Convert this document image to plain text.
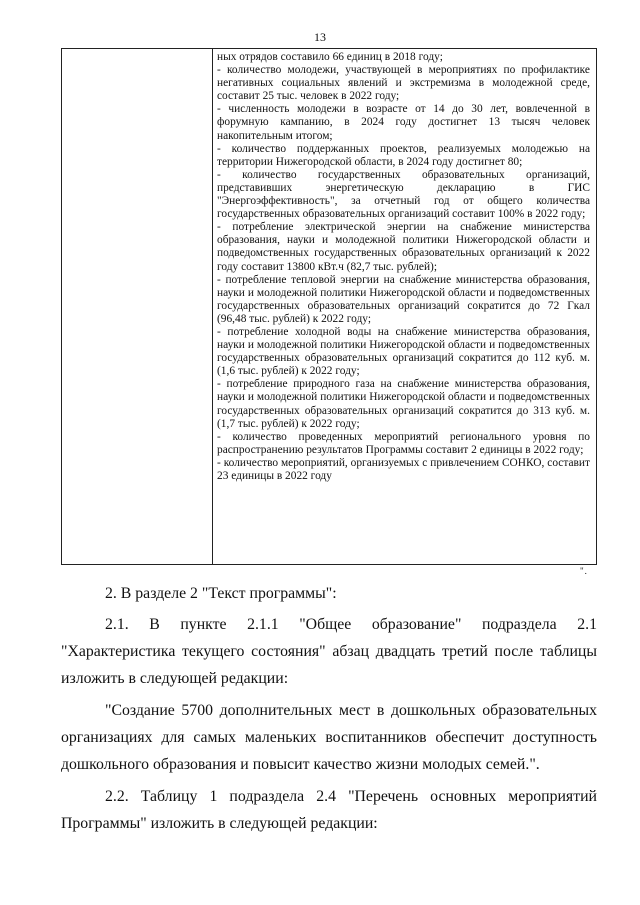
13

ных отрядов составило 66 единиц в 2018 году;
- количество молодежи, участвующей в мероприятиях по профилактике негативных социальных явлений и экстремизма в молодежной среде, составит 25 тыс. человек в 2022 году;
- численность молодежи в возрасте от 14 до 30 лет, вовлеченной в форумную кампанию, в 2024 году достигнет 13 тысяч человек накопительным итогом;
- количество поддержанных проектов, реализуемых молодежью на территории Нижегородской области, в 2024 году достигнет 80;
- количество государственных образовательных организаций, представивших энергетическую декларацию в ГИС "Энергоэффективность", за отчетный год от общего количества государственных образовательных организаций составит 100% в 2022 году;
- потребление электрической энергии на снабжение министерства образования, науки и молодежной политики Нижегородской области и подведомственных государственных образовательных организаций к 2022 году составит 13800 кВт.ч (82,7 тыс. рублей);
- потребление тепловой энергии на снабжение министерства образования, науки и молодежной политики Нижегородской области и подведомственных государственных образовательных организаций сократится до 72 Гкал (96,48 тыс. рублей) к 2022 году;
- потребление холодной воды на снабжение министерства образования, науки и молодежной политики Нижегородской области и подведомственных государственных образовательных организаций сократится до 112 куб. м. (1,6 тыс. рублей) к 2022 году;
- потребление природного газа на снабжение министерства образования, науки и молодежной политики Нижегородской области и подведомственных государственных образовательных организаций сократится до 313 куб. м. (1,7 тыс. рублей) к 2022 году;
- количество проведенных мероприятий регионального уровня по распространению результатов Программы составит 2 единицы в 2022 году;
- количество мероприятий, организуемых с привлечением СОНКО, составит 23 единицы в 2022 году
".

2. В разделе 2 "Текст программы":

2.1. В пункте 2.1.1 "Общее образование" подраздела 2.1 "Характеристика текущего состояния" абзац двадцать третий после таблицы изложить в следующей редакции:

"Создание 5700 дополнительных мест в дошкольных образовательных организациях для самых маленьких воспитанников обеспечит доступность дошкольного образования и повысит качество жизни молодых семей.".

2.2. Таблицу 1 подраздела 2.4 "Перечень основных мероприятий Программы" изложить в следующей редакции:
